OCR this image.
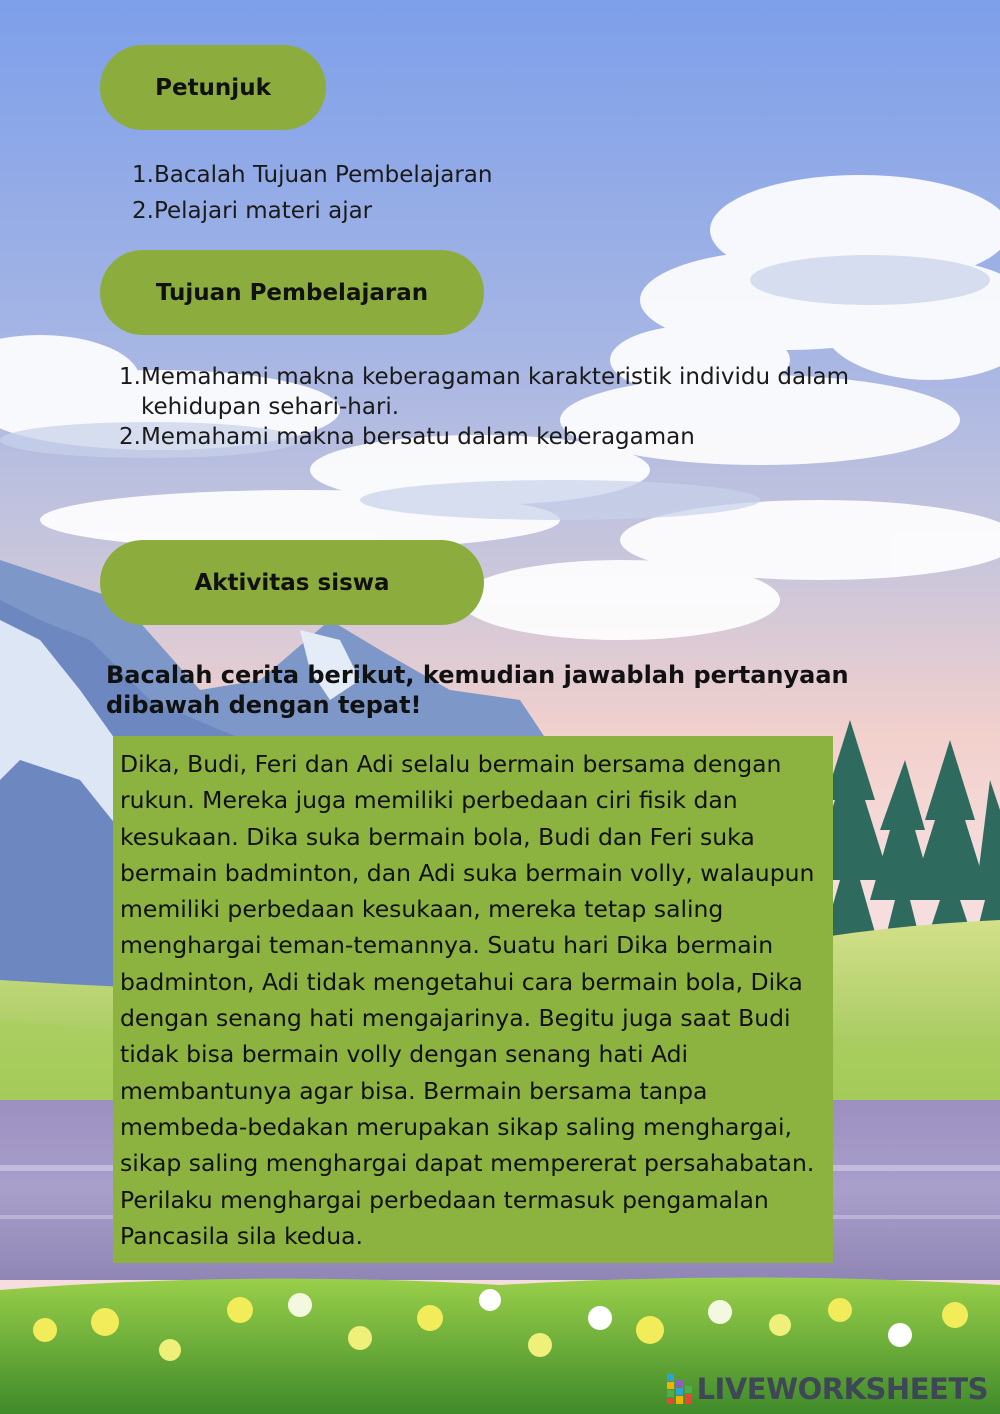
Petunjuk
1. Bacalah Tujuan Pembelajaran
2. Pelajari materi ajar
Tujuan Pembelajaran
1. Memahami makna keberagaman karakteristik individu dalam kehidupan sehari-hari.
2. Memahami makna bersatu dalam keberagaman
Aktivitas siswa
Bacalah cerita berikut, kemudian jawablah pertanyaan dibawah dengan tepat!
Dika, Budi, Feri dan Adi selalu bermain bersama dengan rukun. Mereka juga memiliki perbedaan ciri fisik dan kesukaan. Dika suka bermain bola, Budi dan Feri suka bermain badminton, dan Adi suka bermain volly, walaupun memiliki perbedaan kesukaan, mereka tetap saling menghargai teman-temannya. Suatu hari Dika bermain badminton, Adi tidak mengetahui cara bermain bola, Dika dengan senang hati mengajarinya. Begitu juga saat Budi tidak bisa bermain volly dengan senang hati Adi membantunya agar bisa. Bermain bersama tanpa membeda-bedakan merupakan sikap saling menghargai, sikap saling menghargai dapat mempererat persahabatan. Perilaku menghargai perbedaan termasuk pengamalan Pancasila sila kedua.
LIVEWORKSHEETS
